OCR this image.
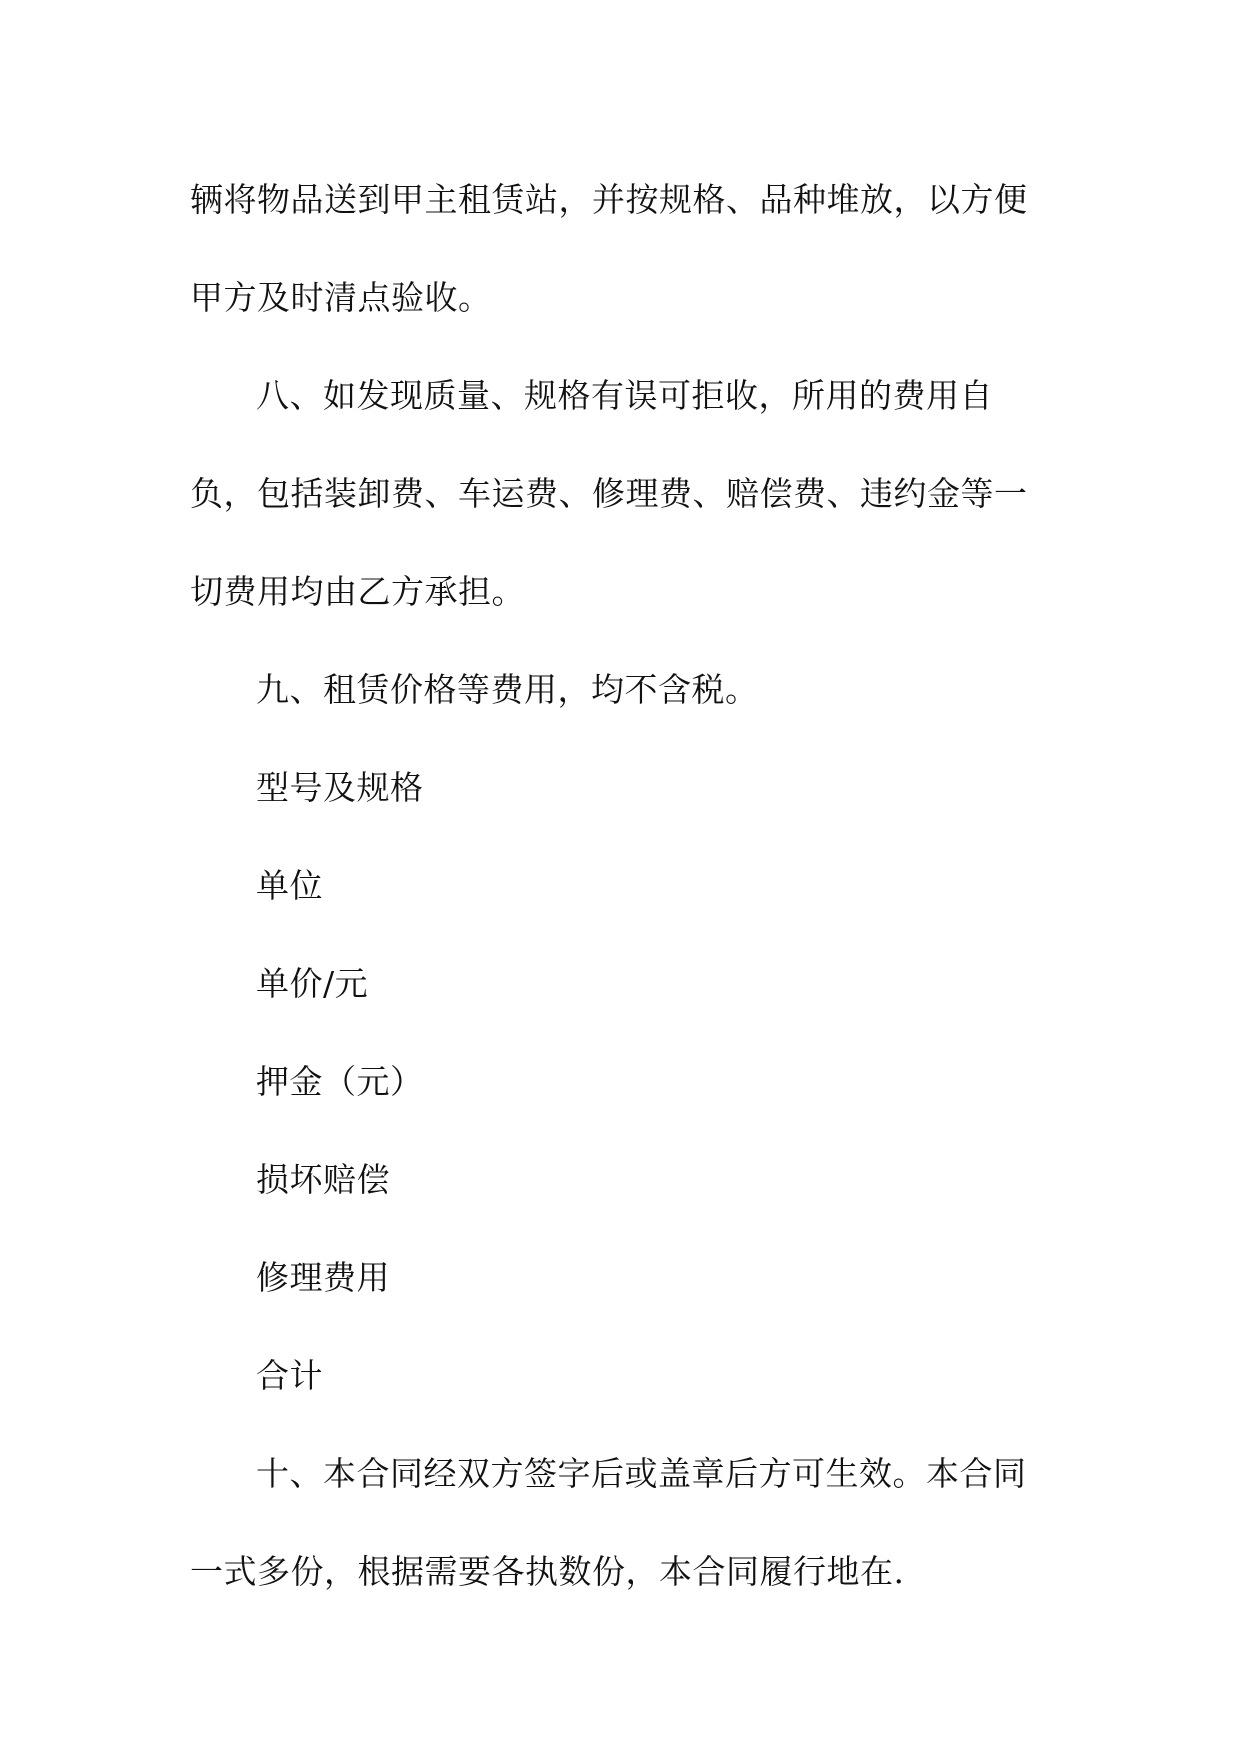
辆将物品送到甲主租赁站，并按规格、品种堆放，以方便
甲方及时清点验收。
八、如发现质量、规格有误可拒收，所用的费用自
负，包括装卸费、车运费、修理费、赔偿费、违约金等一
切费用均由乙方承担。
九、租赁价格等费用，均不含税。
型号及规格
单位
单价/元
押金（元）
损坏赔偿
修理费用
合计
十、本合同经双方签字后或盖章后方可生效。本合同
一式多份，根据需要各执数份，本合同履行地在.
